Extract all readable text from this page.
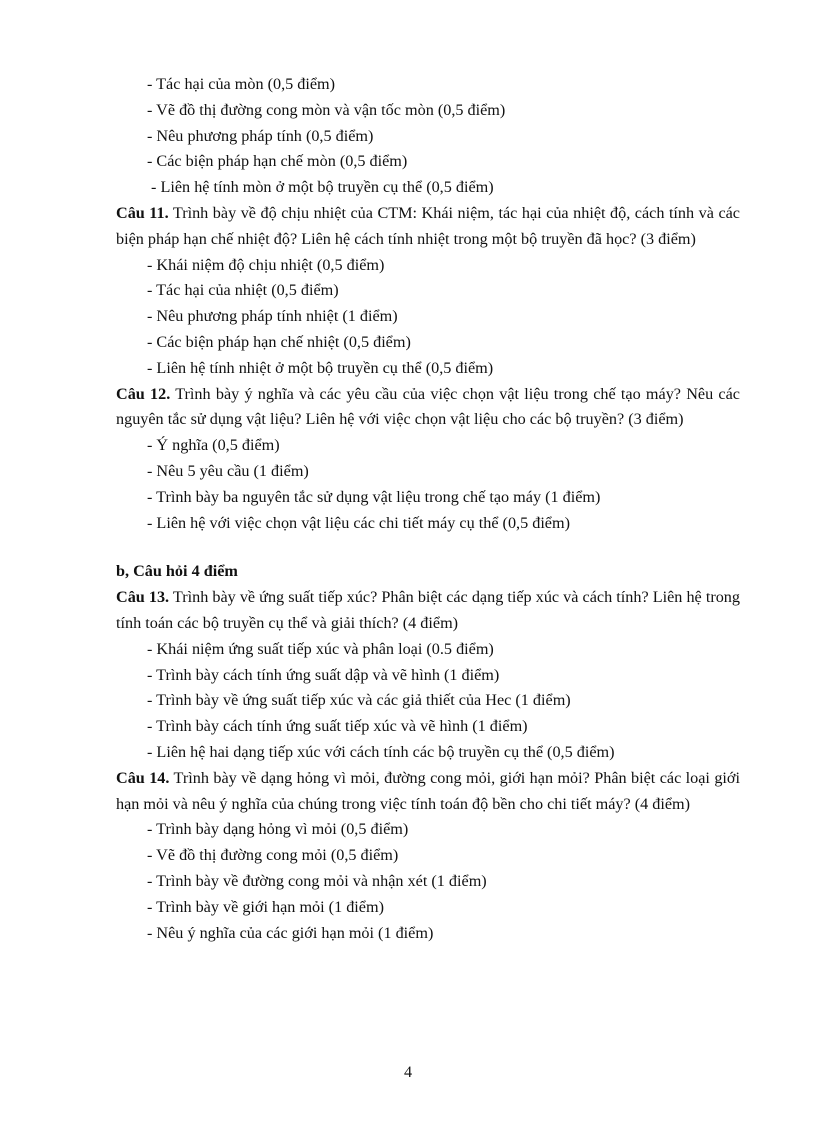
- Tác hại của mòn (0,5 điểm)
- Vẽ đồ thị đường cong mòn và vận tốc mòn (0,5 điểm)
- Nêu phương pháp tính (0,5 điểm)
- Các biện pháp hạn chế mòn (0,5 điểm)
- Liên hệ tính mòn ở một bộ truyền cụ thể (0,5 điểm)
Câu 11. Trình bày về độ chịu nhiệt của CTM: Khái niệm, tác hại của nhiệt độ, cách tính và các biện pháp hạn chế nhiệt độ? Liên hệ cách tính nhiệt trong một bộ truyền đã học? (3 điểm)
- Khái niệm độ chịu nhiệt (0,5 điểm)
- Tác hại của nhiệt (0,5 điểm)
- Nêu phương pháp tính nhiệt (1 điểm)
- Các biện pháp hạn chế nhiệt (0,5 điểm)
- Liên hệ tính nhiệt ở một bộ truyền cụ thể (0,5 điểm)
Câu 12. Trình bày ý nghĩa và các yêu cầu của việc chọn vật liệu trong chế tạo máy? Nêu các nguyên tắc sử dụng vật liệu? Liên hệ với việc chọn vật liệu cho các bộ truyền? (3 điểm)
- Ý nghĩa (0,5 điểm)
- Nêu 5 yêu cầu (1 điểm)
- Trình bày ba nguyên tắc sử dụng vật liệu trong chế tạo máy (1 điểm)
- Liên hệ với việc chọn vật liệu các chi tiết máy cụ thể (0,5 điểm)
b, Câu hỏi 4 điểm
Câu 13. Trình bày về ứng suất tiếp xúc? Phân biệt các dạng tiếp xúc và cách tính? Liên hệ trong tính toán các bộ truyền cụ thể và giải thích? (4 điểm)
- Khái niệm ứng suất tiếp xúc và phân loại (0.5 điểm)
- Trình bày cách tính ứng suất dập và vẽ hình (1 điểm)
- Trình bày về ứng suất tiếp xúc và các giả thiết của Hec (1 điểm)
- Trình bày cách tính ứng suất tiếp xúc và vẽ hình (1 điểm)
- Liên hệ hai dạng tiếp xúc với cách tính các bộ truyền cụ thể (0,5 điểm)
Câu 14. Trình bày về dạng hỏng vì mỏi, đường cong mỏi, giới hạn mỏi? Phân biệt các loại giới hạn mỏi và nêu ý nghĩa của chúng trong việc tính toán độ bền cho chi tiết máy? (4 điểm)
- Trình bày dạng hỏng vì mỏi (0,5 điểm)
- Vẽ đồ thị đường cong mỏi (0,5 điểm)
- Trình bày về đường cong mỏi và nhận xét (1 điểm)
- Trình bày về giới hạn mỏi (1 điểm)
- Nêu ý nghĩa của các giới hạn mỏi (1 điểm)
4
